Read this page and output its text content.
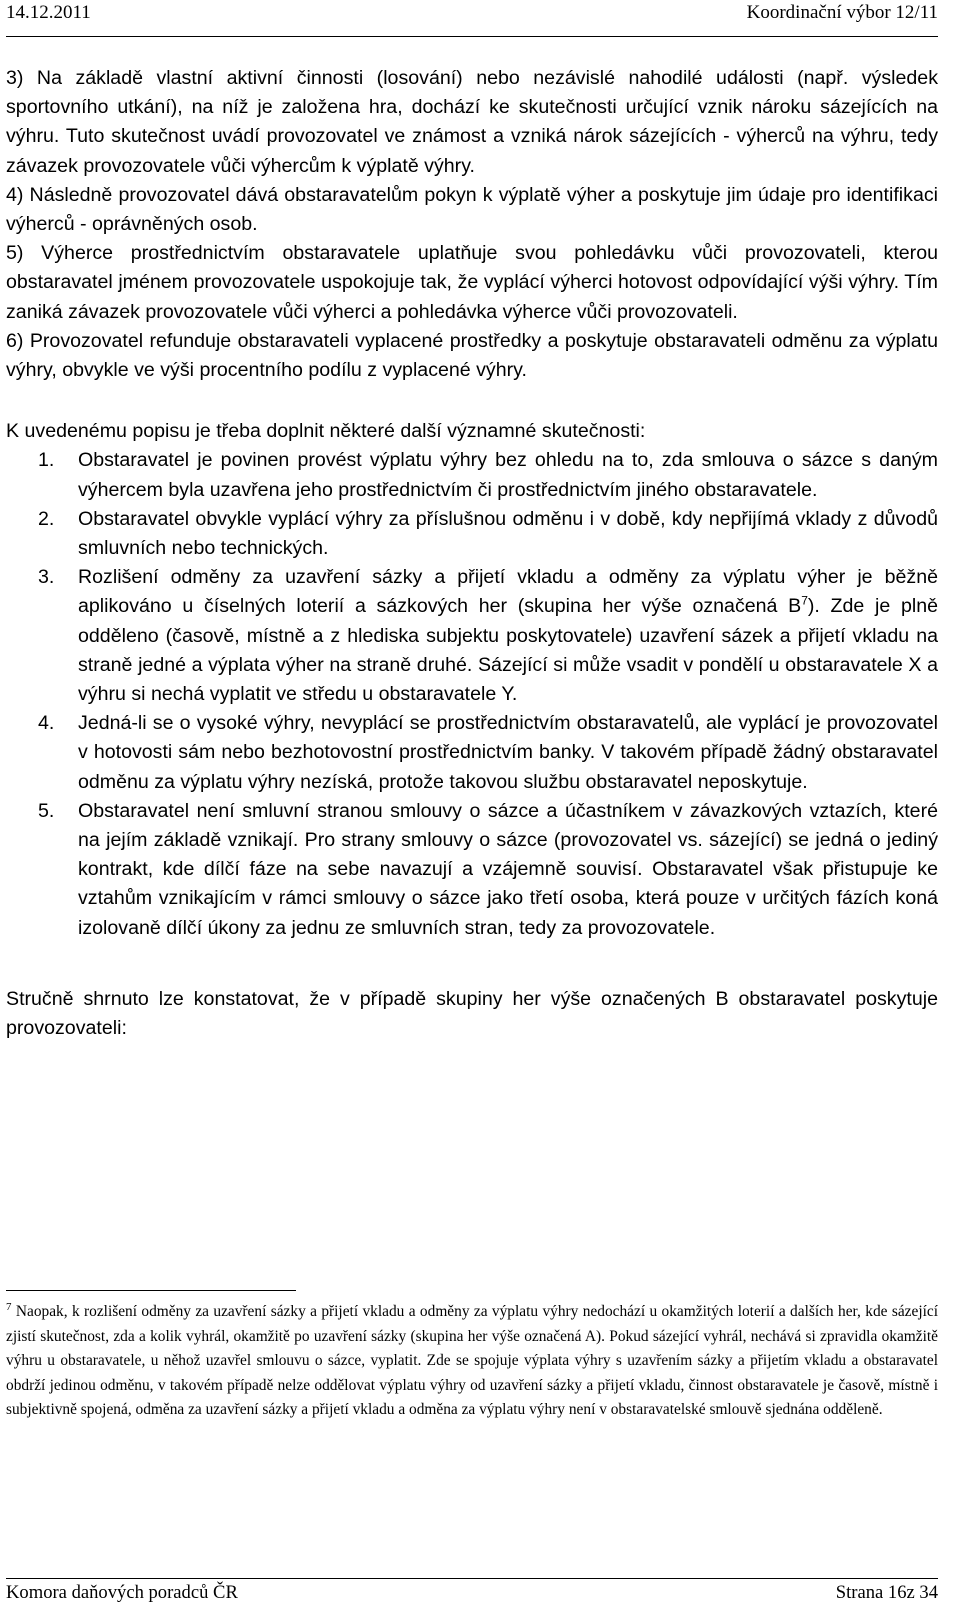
14.12.2011	Koordinační výbor 12/11

3) Na základě vlastní aktivní činnosti (losování) nebo nezávislé nahodilé události (např. výsledek sportovního utkání), na níž je založena hra, dochází ke skutečnosti určující vznik nároku sázejících na výhru. Tuto skutečnost uvádí provozovatel ve známost a vzniká nárok sázejících - výherců na výhru, tedy závazek provozovatele vůči výhercům k výplatě výhry.

4) Následně provozovatel dává obstaravatelům pokyn k výplatě výher a poskytuje jim údaje pro identifikaci výherců - oprávněných osob.

5) Výherce prostřednictvím obstaravatele uplatňuje svou pohledávku vůči provozovateli, kterou obstaravatel jménem provozovatele uspokojuje tak, že vyplácí výherci hotovost odpovídající výši výhry. Tím zaniká závazek provozovatele vůči výherci a pohledávka výherce vůči provozovateli.

6) Provozovatel refunduje obstaravateli vyplacené prostředky a poskytuje obstaravateli odměnu za výplatu výhry, obvykle ve výši procentního podílu z vyplacené výhry.

K uvedenému popisu je třeba doplnit některé další významné skutečnosti:

1. Obstaravatel je povinen provést výplatu výhry bez ohledu na to, zda smlouva o sázce s daným výhercem byla uzavřena jeho prostřednictvím či prostřednictvím jiného obstaravatele.
2. Obstaravatel obvykle vyplácí výhry za příslušnou odměnu i v době, kdy nepřijímá vklady z důvodů smluvních nebo technických.
3. Rozlišení odměny za uzavření sázky a přijetí vkladu a odměny za výplatu výher je běžně aplikováno u číselných loterií a sázkových her (skupina her výše označená $B^7$). Zde je plně odděleno (časově, místně a z hlediska subjektu poskytovatele) uzavření sázek a přijetí vkladu na straně jedné a výplata výher na straně druhé. Sázející si může vsadit v pondělí u obstaravatele X a výhru si nechá vyplatit ve středu u obstaravatele Y.
4. Jedná-li se o vysoké výhry, nevyplácí se prostřednictvím obstaravatelů, ale vyplácí je provozovatel v hotovosti sám nebo bezhotovostní prostřednictvím banky. V takovém případě žádný obstaravatel odměnu za výplatu výhry nezíská, protože takovou službu obstaravatel neposkytuje.
5. Obstaravatel není smluvní stranou smlouvy o sázce a účastníkem v závazkových vztazích, které na jejím základě vznikají. Pro strany smlouvy o sázce (provozovatel vs. sázející) se jedná o jediný kontrakt, kde dílčí fáze na sebe navazují a vzájemně souvisí. Obstaravatel však přistupuje ke vztahům vznikajícím v rámci smlouvy o sázce jako třetí osoba, která pouze v určitých fázích koná izolovaně dílčí úkony za jednu ze smluvních stran, tedy za provozovatele.

Stručně shrnuto lze konstatovat, že v případě skupiny her výše označených B obstaravatel poskytuje provozovateli:

$^7$ Naopak, k rozlišení odměny za uzavření sázky a přijetí vkladu a odměny za výplatu výhry nedochází u okamžitých loterií a dalších her, kde sázející zjistí skutečnost, zda a kolik vyhrál, okamžitě po uzavření sázky (skupina her výše označená A). Pokud sázející vyhrál, nechává si zpravidla okamžitě výhru u obstaravatele, u něhož uzavřel smlouvu o sázce, vyplatit. Zde se spojuje výplata výhry s uzavřením sázky a přijetím vkladu a obstaravatel obdrží jedinou odměnu, v takovém případě nelze oddělovat výplatu výhry od uzavření sázky a přijetí vkladu, činnost obstaravatele je časově, místně i subjektivně spojená, odměna za uzavření sázky a přijetí vkladu a odměna za výplatu výhry není v obstaravatelské smlouvě sjednána odděleně.
Komora daňových poradců ČR	Strana 16z 34
